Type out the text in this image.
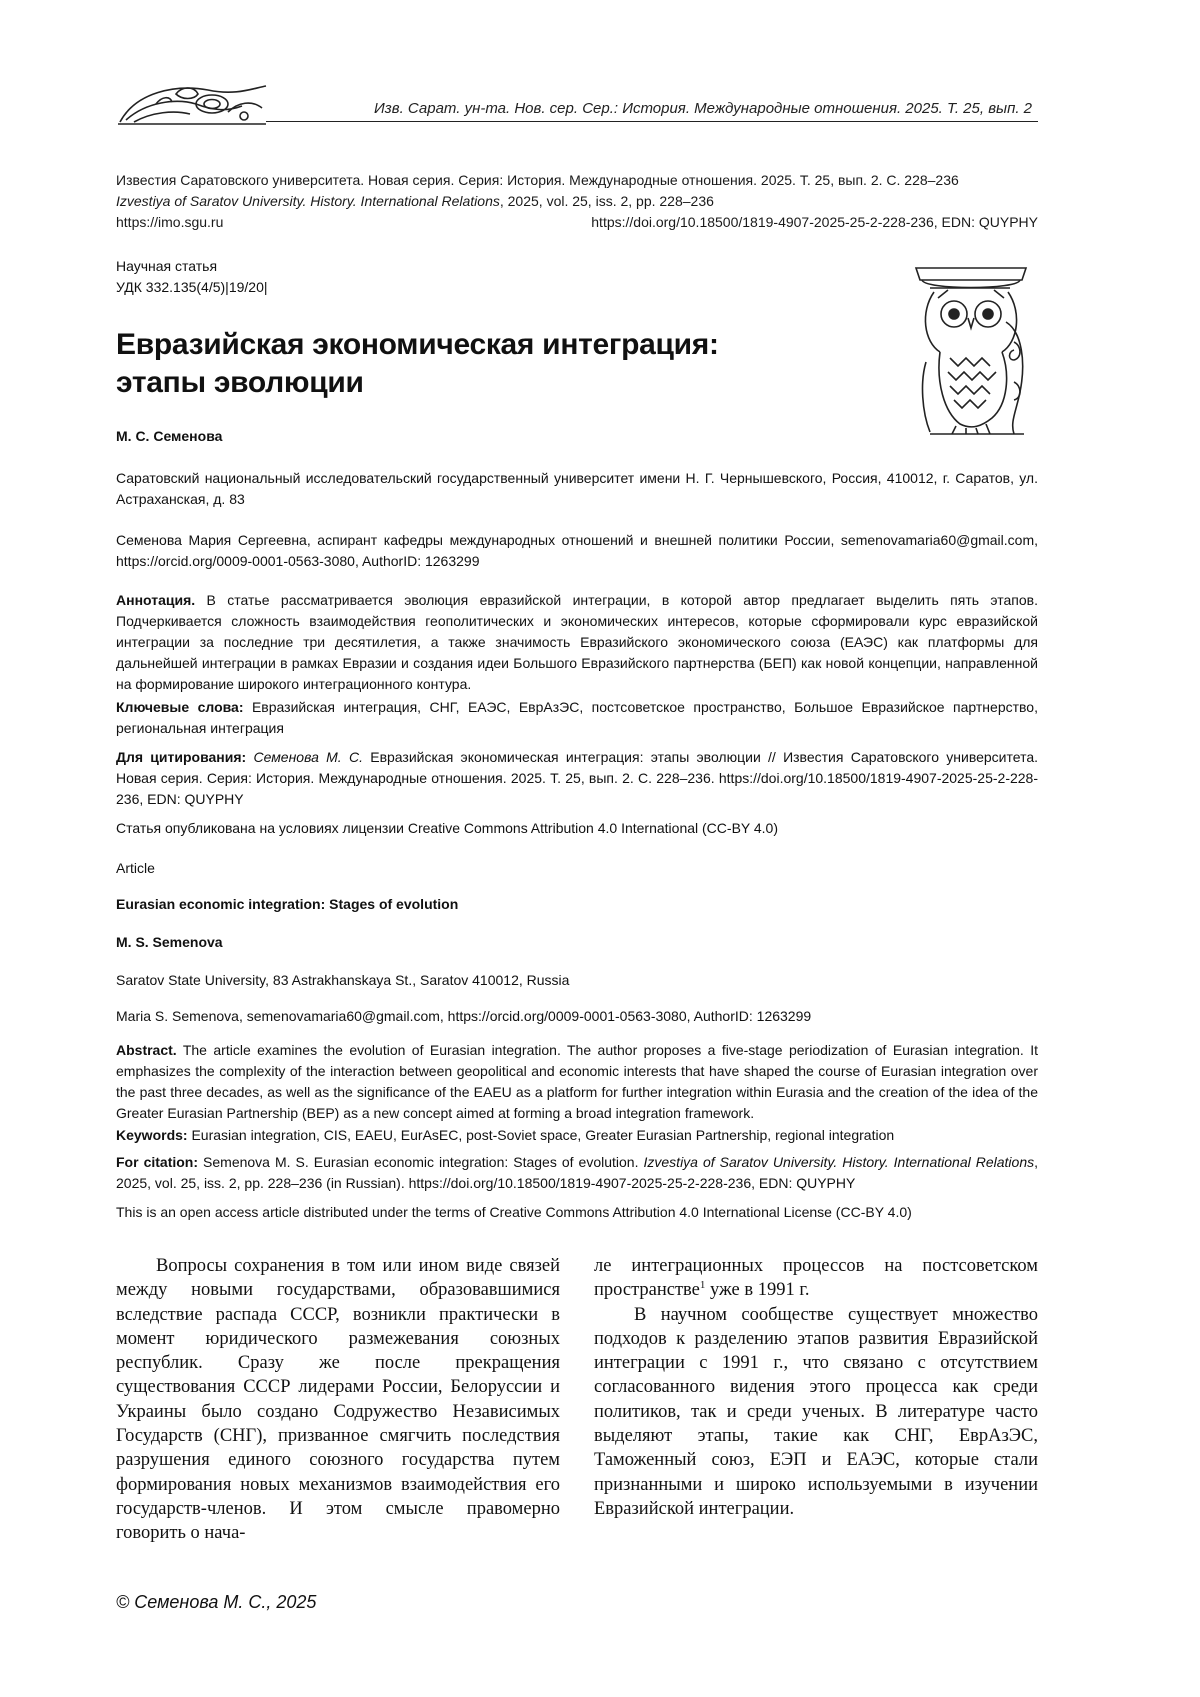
Изв. Сарат. ун-та. Нов. сер. Сер.: История. Международные отношения. 2025. Т. 25, вып. 2
Известия Саратовского университета. Новая серия. Серия: История. Международные отношения. 2025. Т. 25, вып. 2. С. 228–236
Izvestiya of Saratov University. History. International Relations, 2025, vol. 25, iss. 2, pp. 228–236
https://imo.sgu.ru	https://doi.org/10.18500/1819-4907-2025-25-2-228-236, EDN: QUYPHY
Научная статья
УДК 332.135(4/5)|19/20|
Евразийская экономическая интеграция:
этапы эволюции
М. С. Семенова
Саратовский национальный исследовательский государственный университет имени Н. Г. Чернышевского, Россия, 410012, г. Саратов, ул. Астраханская, д. 83
Семенова Мария Сергеевна, аспирант кафедры международных отношений и внешней политики России, semenovamaria60@gmail.com, https://orcid.org/0009-0001-0563-3080, AuthorID: 1263299
Аннотация. В статье рассматривается эволюция евразийской интеграции, в которой автор предлагает выделить пять этапов. Подчеркивается сложность взаимодействия геополитических и экономических интересов, которые сформировали курс евразийской интеграции за последние три десятилетия, а также значимость Евразийского экономического союза (ЕАЭС) как платформы для дальнейшей интеграции в рамках Евразии и создания идеи Большого Евразийского партнерства (БЕП) как новой концепции, направленной на формирование широкого интеграционного контура.
Ключевые слова: Евразийская интеграция, СНГ, ЕАЭС, ЕврАзЭС, постсоветское пространство, Большое Евразийское партнерство, региональная интеграция
Для цитирования: Семенова М. С. Евразийская экономическая интеграция: этапы эволюции // Известия Саратовского университета. Новая серия. Серия: История. Международные отношения. 2025. Т. 25, вып. 2. С. 228–236. https://doi.org/10.18500/1819-4907-2025-25-2-228-236, EDN: QUYPHY
Статья опубликована на условиях лицензии Creative Commons Attribution 4.0 International (CC-BY 4.0)
Article
Eurasian economic integration: Stages of evolution
M. S. Semenova
Saratov State University, 83 Astrakhanskaya St., Saratov 410012, Russia
Maria S. Semenova, semenovamaria60@gmail.com, https://orcid.org/0009-0001-0563-3080, AuthorID: 1263299
Abstract. The article examines the evolution of Eurasian integration. The author proposes a five-stage periodization of Eurasian integration. It emphasizes the complexity of the interaction between geopolitical and economic interests that have shaped the course of Eurasian integration over the past three decades, as well as the significance of the EAEU as a platform for further integration within Eurasia and the creation of the idea of the Greater Eurasian Partnership (BEP) as a new concept aimed at forming a broad integration framework.
Keywords: Eurasian integration, CIS, EAEU, EurAsEC, post-Soviet space, Greater Eurasian Partnership, regional integration
For citation: Semenova M. S. Eurasian economic integration: Stages of evolution. Izvestiya of Saratov University. History. International Relations, 2025, vol. 25, iss. 2, pp. 228–236 (in Russian). https://doi.org/10.18500/1819-4907-2025-25-2-228-236, EDN: QUYPHY
This is an open access article distributed under the terms of Creative Commons Attribution 4.0 International License (CC-BY 4.0)

Вопросы сохранения в том или ином виде связей между новыми государствами, образовавшимися вследствие распада СССР, возникли практически в момент юридического размежевания союзных республик. Сразу же после прекращения существования СССР лидерами России, Белоруссии и Украины было создано Содружество Независимых Государств (СНГ), призванное смягчить последствия разрушения единого союзного государства путем формирования новых механизмов взаимодействия его государств-членов. И этом смысле правомерно говорить о нача-

ле интеграционных процессов на постсоветском пространстве1 уже в 1991 г.

В научном сообществе существует множество подходов к разделению этапов развития Евразийской интеграции с 1991 г., что связано с отсутствием согласованного видения этого процесса как среди политиков, так и среди ученых. В литературе часто выделяют этапы, такие как СНГ, ЕврАзЭС, Таможенный союз, ЕЭП и ЕАЭС, которые стали признанными и широко используемыми в изучении Евразийской интеграции.

© Семенова М. С., 2025
